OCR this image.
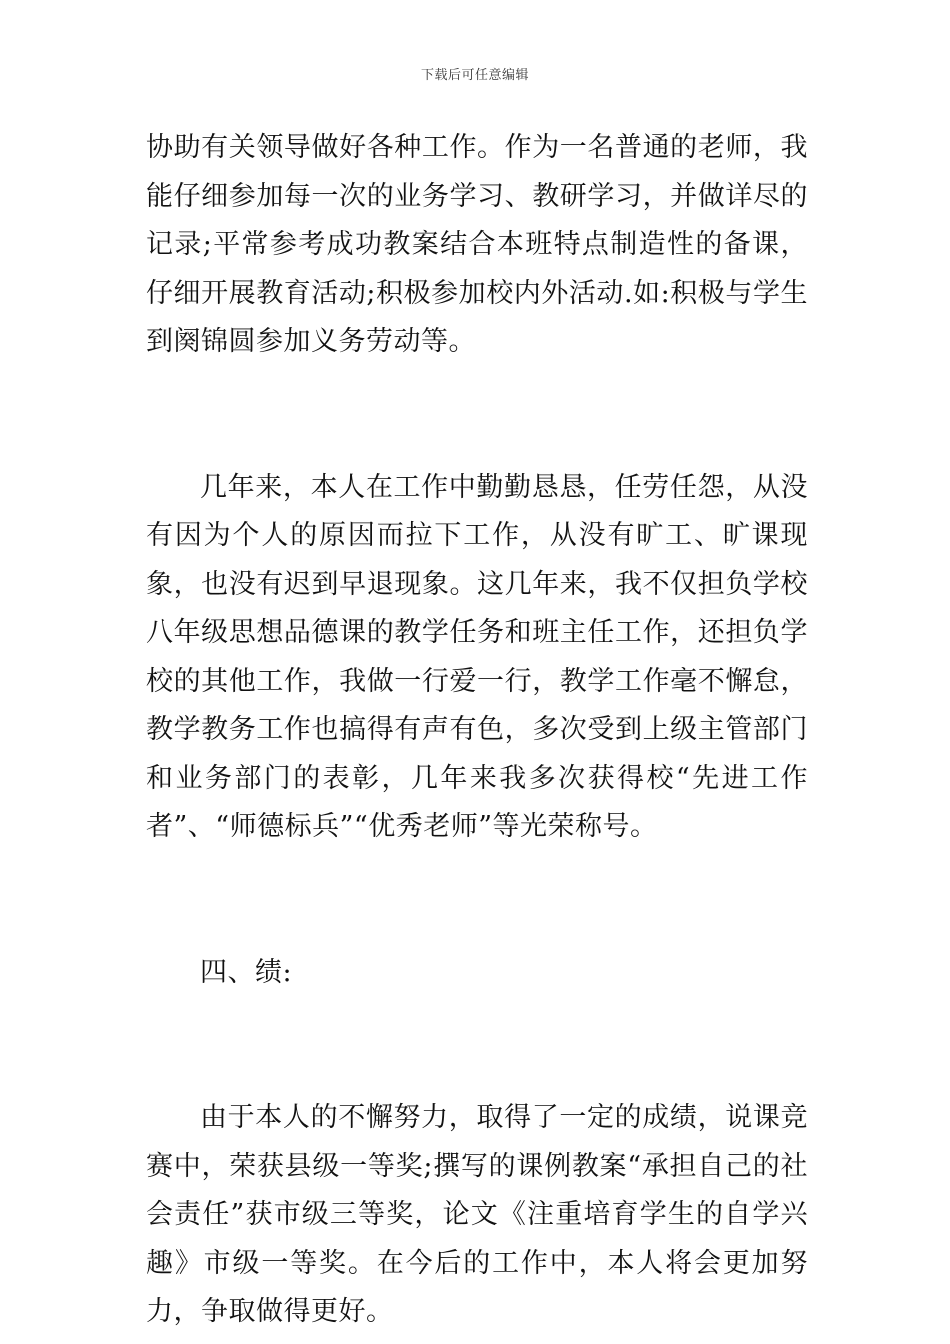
下载后可任意编辑

协助有关领导做好各种工作。作为一名普通的老师，我能仔细参加每一次的业务学习、教研学习，并做详尽的记录;平常参考成功教案结合本班特点制造性的备课，仔细开展教育活动;积极参加校内外活动.如:积极与学生到阕锦圆参加义务劳动等。

几年来，本人在工作中勤勤恳恳，任劳任怨，从没有因为个人的原因而拉下工作，从没有旷工、旷课现象，也没有迟到早退现象。这几年来，我不仅担负学校八年级思想品德课的教学任务和班主任工作，还担负学校的其他工作，我做一行爱一行，教学工作毫不懈怠，教学教务工作也搞得有声有色，多次受到上级主管部门和业务部门的表彰，几年来我多次获得校“先进工作者”、“师德标兵”“优秀老师”等光荣称号。

四、绩:

由于本人的不懈努力，取得了一定的成绩，说课竞赛中，荣获县级一等奖;撰写的课例教案“承担自己的社会责任”获市级三等奖，论文《注重培育学生的自学兴趣》市级一等奖。在今后的工作中，本人将会更加努力，争取做得更好。
